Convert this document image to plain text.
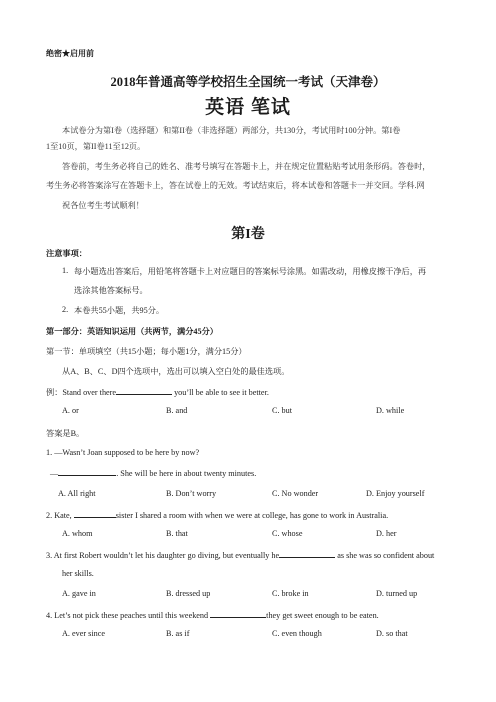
绝密★启用前
2018年普通高等学校招生全国统一考试（天津卷）
英语 笔试
本试卷分为第I卷（选择题）和第II卷（非选择题）两部分，共130分，考试用时100分钟。第I卷
1至10页，第II卷11至12页。
答卷前，考生务必将自己的姓名、准考号填写在答题卡上，并在规定位置粘贴考试用条形码。答卷时，
考生务必将答案涂写在答题卡上，答在试卷上的无效。考试结束后，将本试卷和答题卡一并交回。学科.网
祝各位考生考试顺利！
第I卷
注意事项：
1. 每小题选出答案后，用铅笔将答题卡上对应题目的答案标号涂黑。如需改动，用橡皮擦干净后，再
选涂其他答案标号。
2. 本卷共55小题，共95分。
第一部分：英语知识运用（共两节，满分45分）
第一节：单项填空（共15小题；每小题1分，满分15分）
从A、B、C、D四个选项中，选出可以填入空白处的最佳选项。
例：Stand over there	you’ll be able to see it better.
A. or	B. and	C. but	D. while
答案是B。
1. —Wasn’t Joan supposed to be here by now?
—	. She will be here in about twenty minutes.
A. All right	B. Don’t worry	C. No wonder	D. Enjoy yourself
2. Kate,	sister I shared a room with when we were at college, has gone to work in Australia.
A. whom	B. that	C. whose	D. her
3. At first Robert wouldn’t let his daughter go diving, but eventually he	as she was so confident about
her skills.
A. gave in	B. dressed up	C. broke in	D. turned up
4. Let’s not pick these peaches until this weekend	they get sweet enough to be eaten.
A. ever since	B. as if	C. even though	D. so that
